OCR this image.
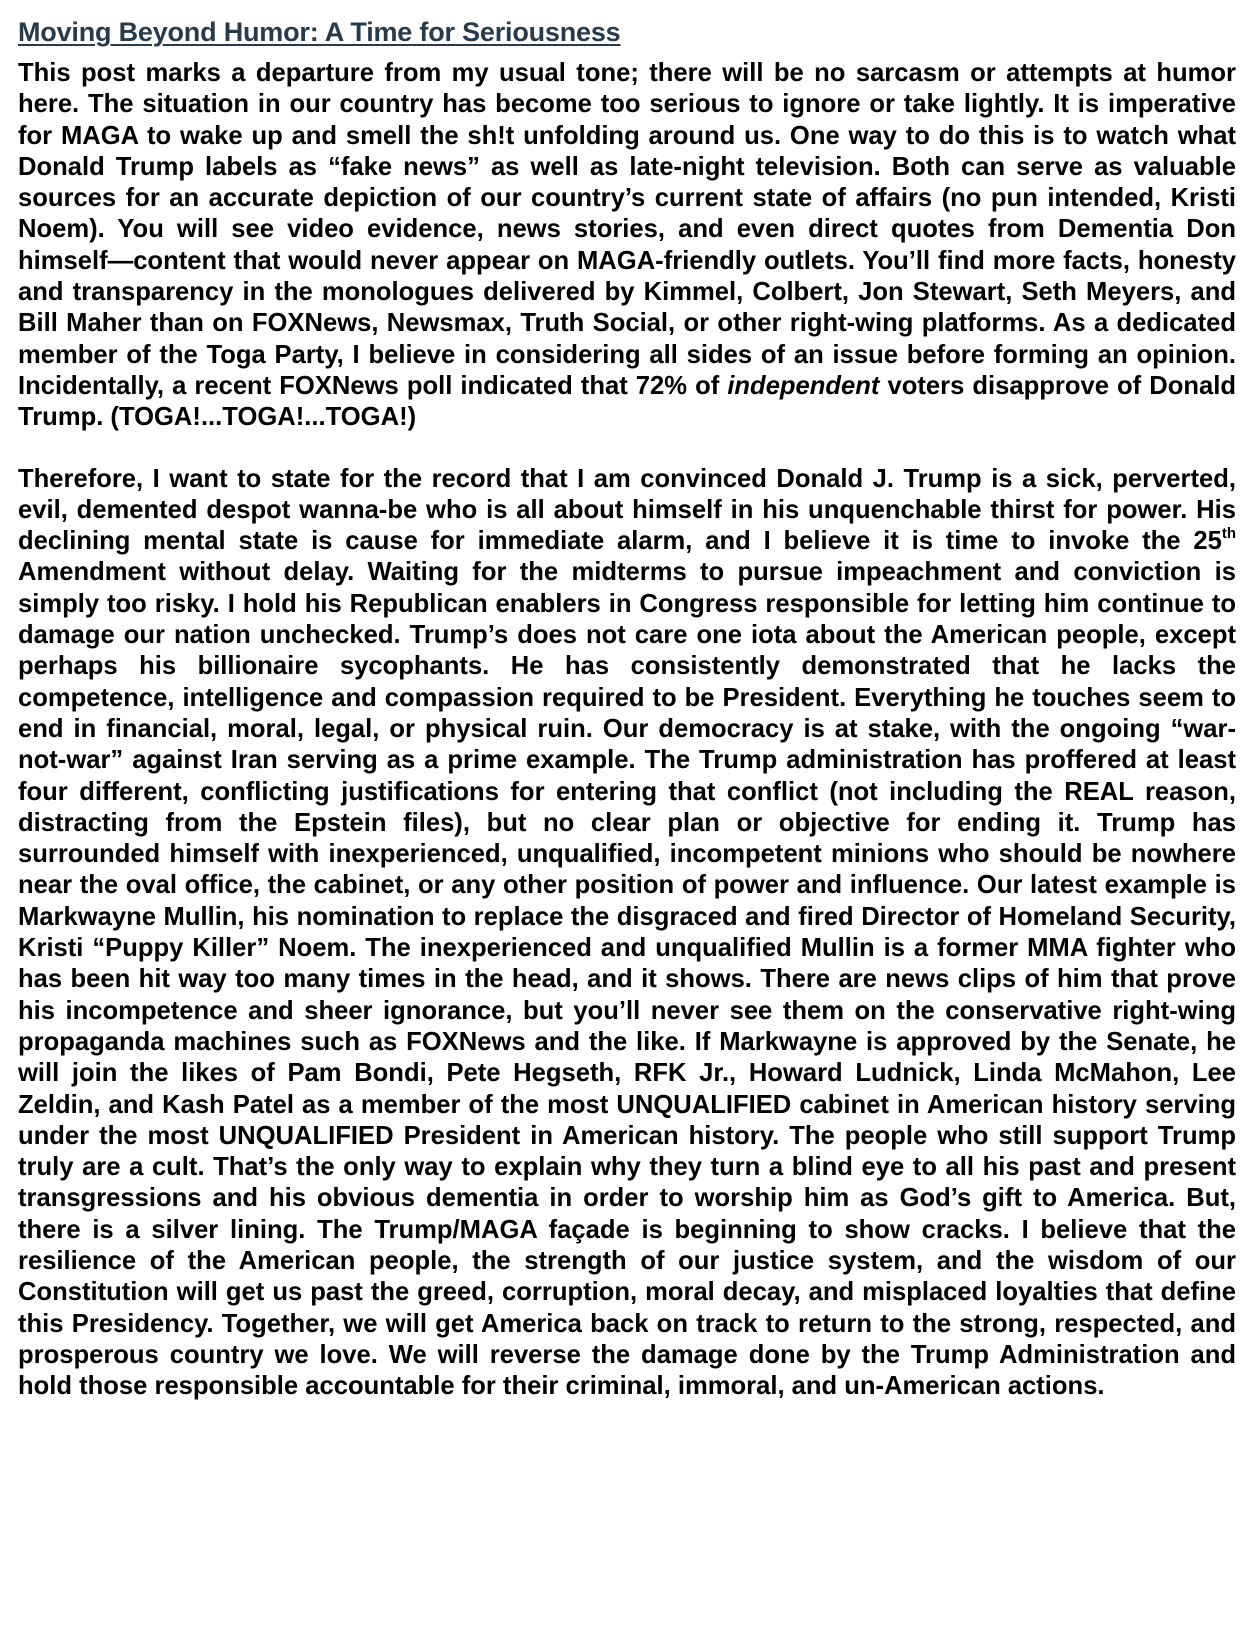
Moving Beyond Humor: A Time for Seriousness

This post marks a departure from my usual tone; there will be no sarcasm or attempts at humor here. The situation in our country has become too serious to ignore or take lightly. It is imperative for MAGA to wake up and smell the sh!t unfolding around us. One way to do this is to watch what Donald Trump labels as “fake news” as well as late-night television. Both can serve as valuable sources for an accurate depiction of our country’s current state of affairs (no pun intended, Kristi Noem). You will see video evidence, news stories, and even direct quotes from Dementia Don himself—content that would never appear on MAGA-friendly outlets. You’ll find more facts, honesty and transparency in the monologues delivered by Kimmel, Colbert, Jon Stewart, Seth Meyers, and Bill Maher than on FOXNews, Newsmax, Truth Social, or other right-wing platforms. As a dedicated member of the Toga Party, I believe in considering all sides of an issue before forming an opinion. Incidentally, a recent FOXNews poll indicated that 72% of independent voters disapprove of Donald Trump. (TOGA!...TOGA!...TOGA!)

Therefore, I want to state for the record that I am convinced Donald J. Trump is a sick, perverted, evil, demented despot wanna-be who is all about himself in his unquenchable thirst for power. His declining mental state is cause for immediate alarm, and I believe it is time to invoke the 25th Amendment without delay. Waiting for the midterms to pursue impeachment and conviction is simply too risky. I hold his Republican enablers in Congress responsible for letting him continue to damage our nation unchecked. Trump’s does not care one iota about the American people, except perhaps his billionaire sycophants. He has consistently demonstrated that he lacks the competence, intelligence and compassion required to be President. Everything he touches seem to end in financial, moral, legal, or physical ruin. Our democracy is at stake, with the ongoing “war-not-war” against Iran serving as a prime example. The Trump administration has proffered at least four different, conflicting justifications for entering that conflict (not including the REAL reason, distracting from the Epstein files), but no clear plan or objective for ending it. Trump has surrounded himself with inexperienced, unqualified, incompetent minions who should be nowhere near the oval office, the cabinet, or any other position of power and influence. Our latest example is Markwayne Mullin, his nomination to replace the disgraced and fired Director of Homeland Security, Kristi “Puppy Killer” Noem. The inexperienced and unqualified Mullin is a former MMA fighter who has been hit way too many times in the head, and it shows. There are news clips of him that prove his incompetence and sheer ignorance, but you’ll never see them on the conservative right-wing propaganda machines such as FOXNews and the like. If Markwayne is approved by the Senate, he will join the likes of Pam Bondi, Pete Hegseth, RFK Jr., Howard Ludnick, Linda McMahon, Lee Zeldin, and Kash Patel as a member of the most UNQUALIFIED cabinet in American history serving under the most UNQUALIFIED President in American history. The people who still support Trump truly are a cult. That’s the only way to explain why they turn a blind eye to all his past and present transgressions and his obvious dementia in order to worship him as God’s gift to America. But, there is a silver lining. The Trump/MAGA façade is beginning to show cracks. I believe that the resilience of the American people, the strength of our justice system, and the wisdom of our Constitution will get us past the greed, corruption, moral decay, and misplaced loyalties that define this Presidency. Together, we will get America back on track to return to the strong, respected, and prosperous country we love. We will reverse the damage done by the Trump Administration and hold those responsible accountable for their criminal, immoral, and un-American actions.
